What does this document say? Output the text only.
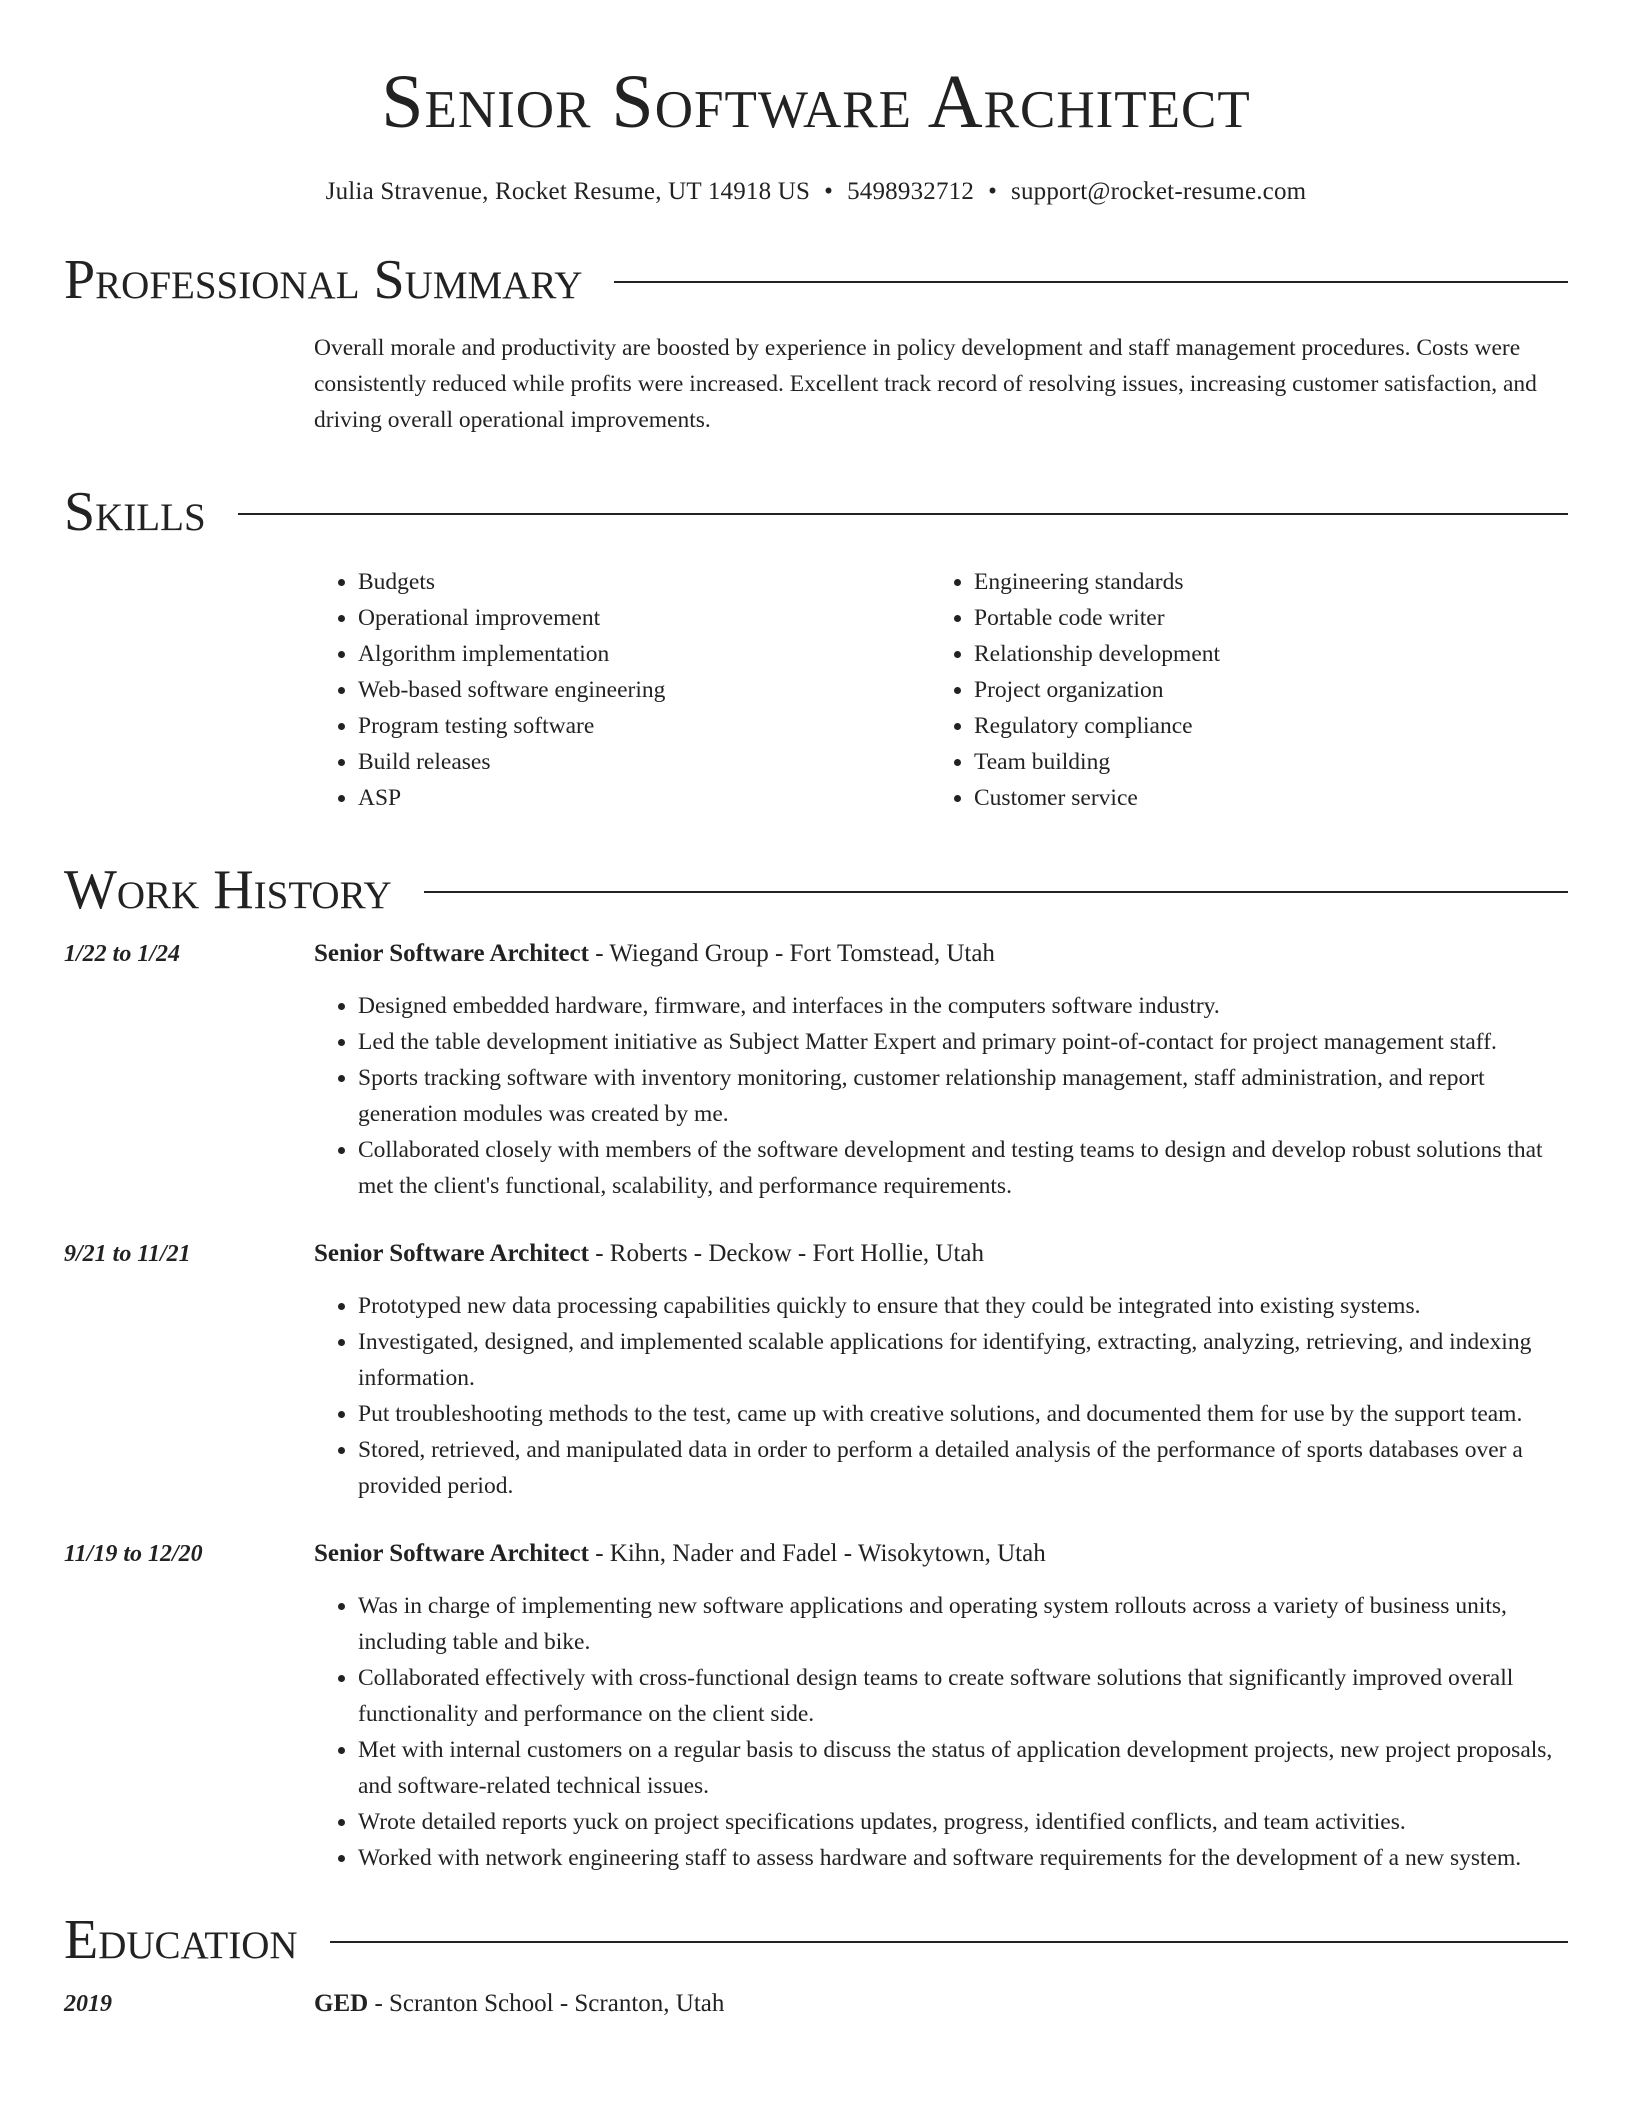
Senior Software Architect
Julia Stravenue, Rocket Resume, UT 14918 US • 5498932712 • support@rocket-resume.com
Professional Summary
Overall morale and productivity are boosted by experience in policy development and staff management procedures. Costs were consistently reduced while profits were increased. Excellent track record of resolving issues, increasing customer satisfaction, and driving overall operational improvements.
Skills
• Budgets
• Operational improvement
• Algorithm implementation
• Web-based software engineering
• Program testing software
• Build releases
• ASP
• Engineering standards
• Portable code writer
• Relationship development
• Project organization
• Regulatory compliance
• Team building
• Customer service
Work History
1/22 to 1/24	Senior Software Architect - Wiegand Group - Fort Tomstead, Utah
• Designed embedded hardware, firmware, and interfaces in the computers software industry.
• Led the table development initiative as Subject Matter Expert and primary point-of-contact for project management staff.
• Sports tracking software with inventory monitoring, customer relationship management, staff administration, and report generation modules was created by me.
• Collaborated closely with members of the software development and testing teams to design and develop robust solutions that met the client's functional, scalability, and performance requirements.
9/21 to 11/21	Senior Software Architect - Roberts - Deckow - Fort Hollie, Utah
• Prototyped new data processing capabilities quickly to ensure that they could be integrated into existing systems.
• Investigated, designed, and implemented scalable applications for identifying, extracting, analyzing, retrieving, and indexing information.
• Put troubleshooting methods to the test, came up with creative solutions, and documented them for use by the support team.
• Stored, retrieved, and manipulated data in order to perform a detailed analysis of the performance of sports databases over a provided period.
11/19 to 12/20	Senior Software Architect - Kihn, Nader and Fadel - Wisokytown, Utah
• Was in charge of implementing new software applications and operating system rollouts across a variety of business units, including table and bike.
• Collaborated effectively with cross-functional design teams to create software solutions that significantly improved overall functionality and performance on the client side.
• Met with internal customers on a regular basis to discuss the status of application development projects, new project proposals, and software-related technical issues.
• Wrote detailed reports yuck on project specifications updates, progress, identified conflicts, and team activities.
• Worked with network engineering staff to assess hardware and software requirements for the development of a new system.
Education
2019	GED - Scranton School - Scranton, Utah
